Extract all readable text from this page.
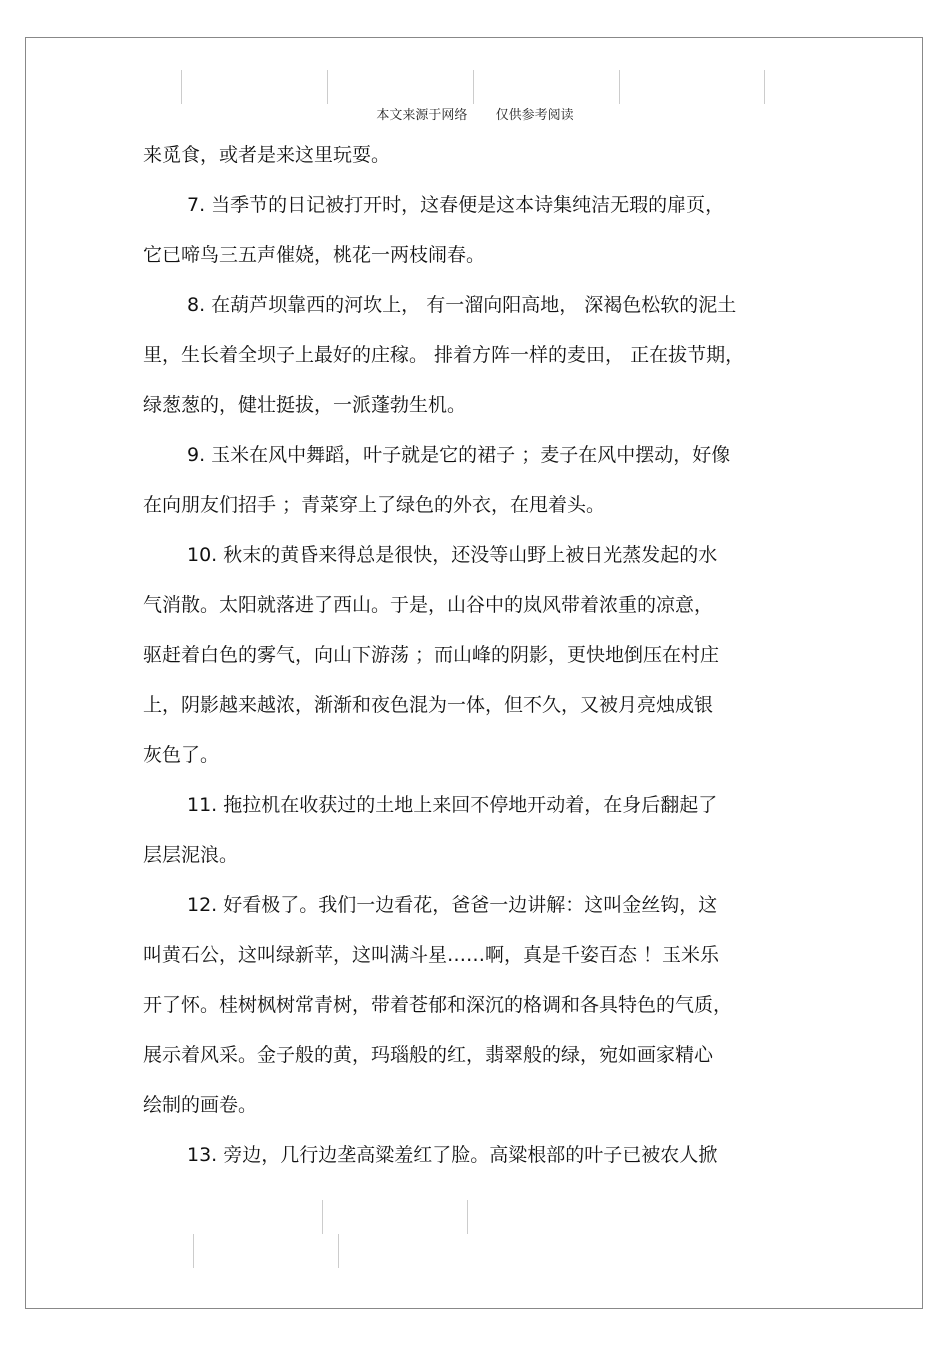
本文来源于网络 仅供参考阅读
来觅食，或者是来这里玩耍。
7. 当季节的日记被打开时，这春便是这本诗集纯洁无瑕的扉页，
它已啼鸟三五声催娆，桃花一两枝闹春。
8. 在葫芦坝靠西的河坎上， 有一溜向阳高地， 深褐色松软的泥土
里，生长着全坝子上最好的庄稼。 排着方阵一样的麦田， 正在拔节期，
绿葱葱的，健壮挺拔，一派蓬勃生机。
9. 玉米在风中舞蹈，叶子就是它的裙子 ；麦子在风中摆动，好像
在向朋友们招手 ；青菜穿上了绿色的外衣，在甩着头。
10. 秋末的黄昏来得总是很快，还没等山野上被日光蒸发起的水
气消散。太阳就落进了西山。于是，山谷中的岚风带着浓重的凉意，
驱赶着白色的雾气，向山下游荡 ；而山峰的阴影，更快地倒压在村庄
上，阴影越来越浓，渐渐和夜色混为一体，但不久，又被月亮烛成银
灰色了。
11. 拖拉机在收获过的土地上来回不停地开动着，在身后翻起了
层层泥浪。
12. 好看极了。我们一边看花，爸爸一边讲解：这叫金丝钩，这
叫黄石公，这叫绿新苹，这叫满斗星……啊，真是千姿百态 ！玉米乐
开了怀。桂树枫树常青树，带着苍郁和深沉的格调和各具特色的气质，
展示着风采。金子般的黄，玛瑙般的红，翡翠般的绿，宛如画家精心
绘制的画卷。
13. 旁边，几行边垄高粱羞红了脸。高粱根部的叶子已被农人掀
